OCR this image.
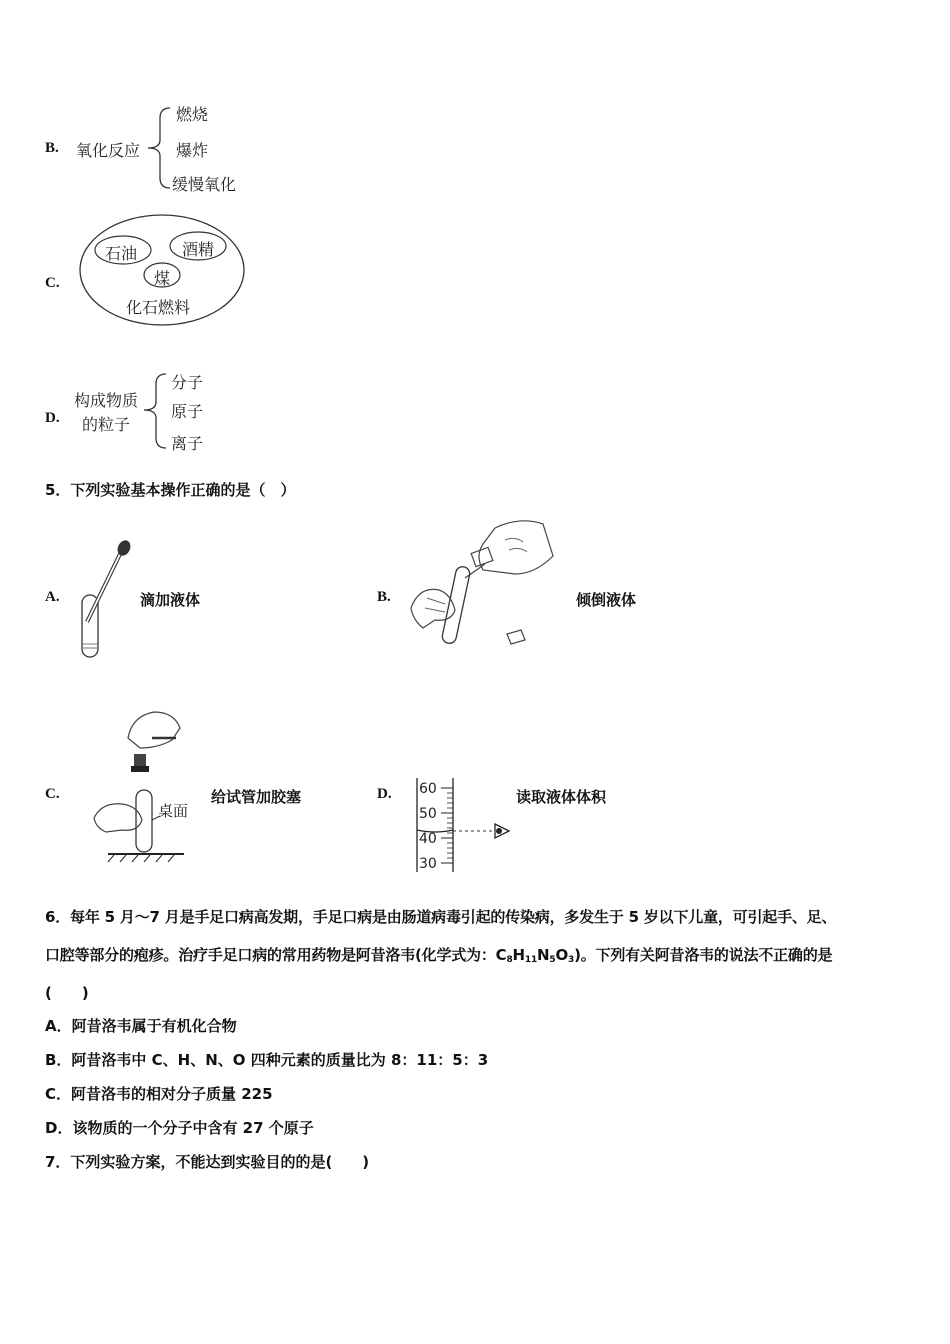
B. 氧化反应
燃烧
爆炸
缓慢氧化
C.
石油	酒精
煤
化石燃料
D.
构成物质
的粒子
分子
原子
离子
5．下列实验基本操作正确的是（　）
A.	滴加液体	B.	倾倒液体
C.
桌面
给试管加胶塞	D. 60
50
40
30
读取液体体积
6．每年 5 月～7 月是手足口病高发期，手足口病是由肠道病毒引起的传染病，多发生于 5 岁以下儿童，可引起手、足、
口腔等部分的疱疹。治疗手足口病的常用药物是阿昔洛韦(化学式为：$C_8H_{11}N_5O_3$)。下列有关阿昔洛韦的说法不正确的是
(　　)
A．阿昔洛韦属于有机化合物
B．阿昔洛韦中 C、H、N、O 四种元素的质量比为 8：11：5：3
C．阿昔洛韦的相对分子质量 225
D．该物质的一个分子中含有 27 个原子
7．下列实验方案，不能达到实验目的的是(　　)
